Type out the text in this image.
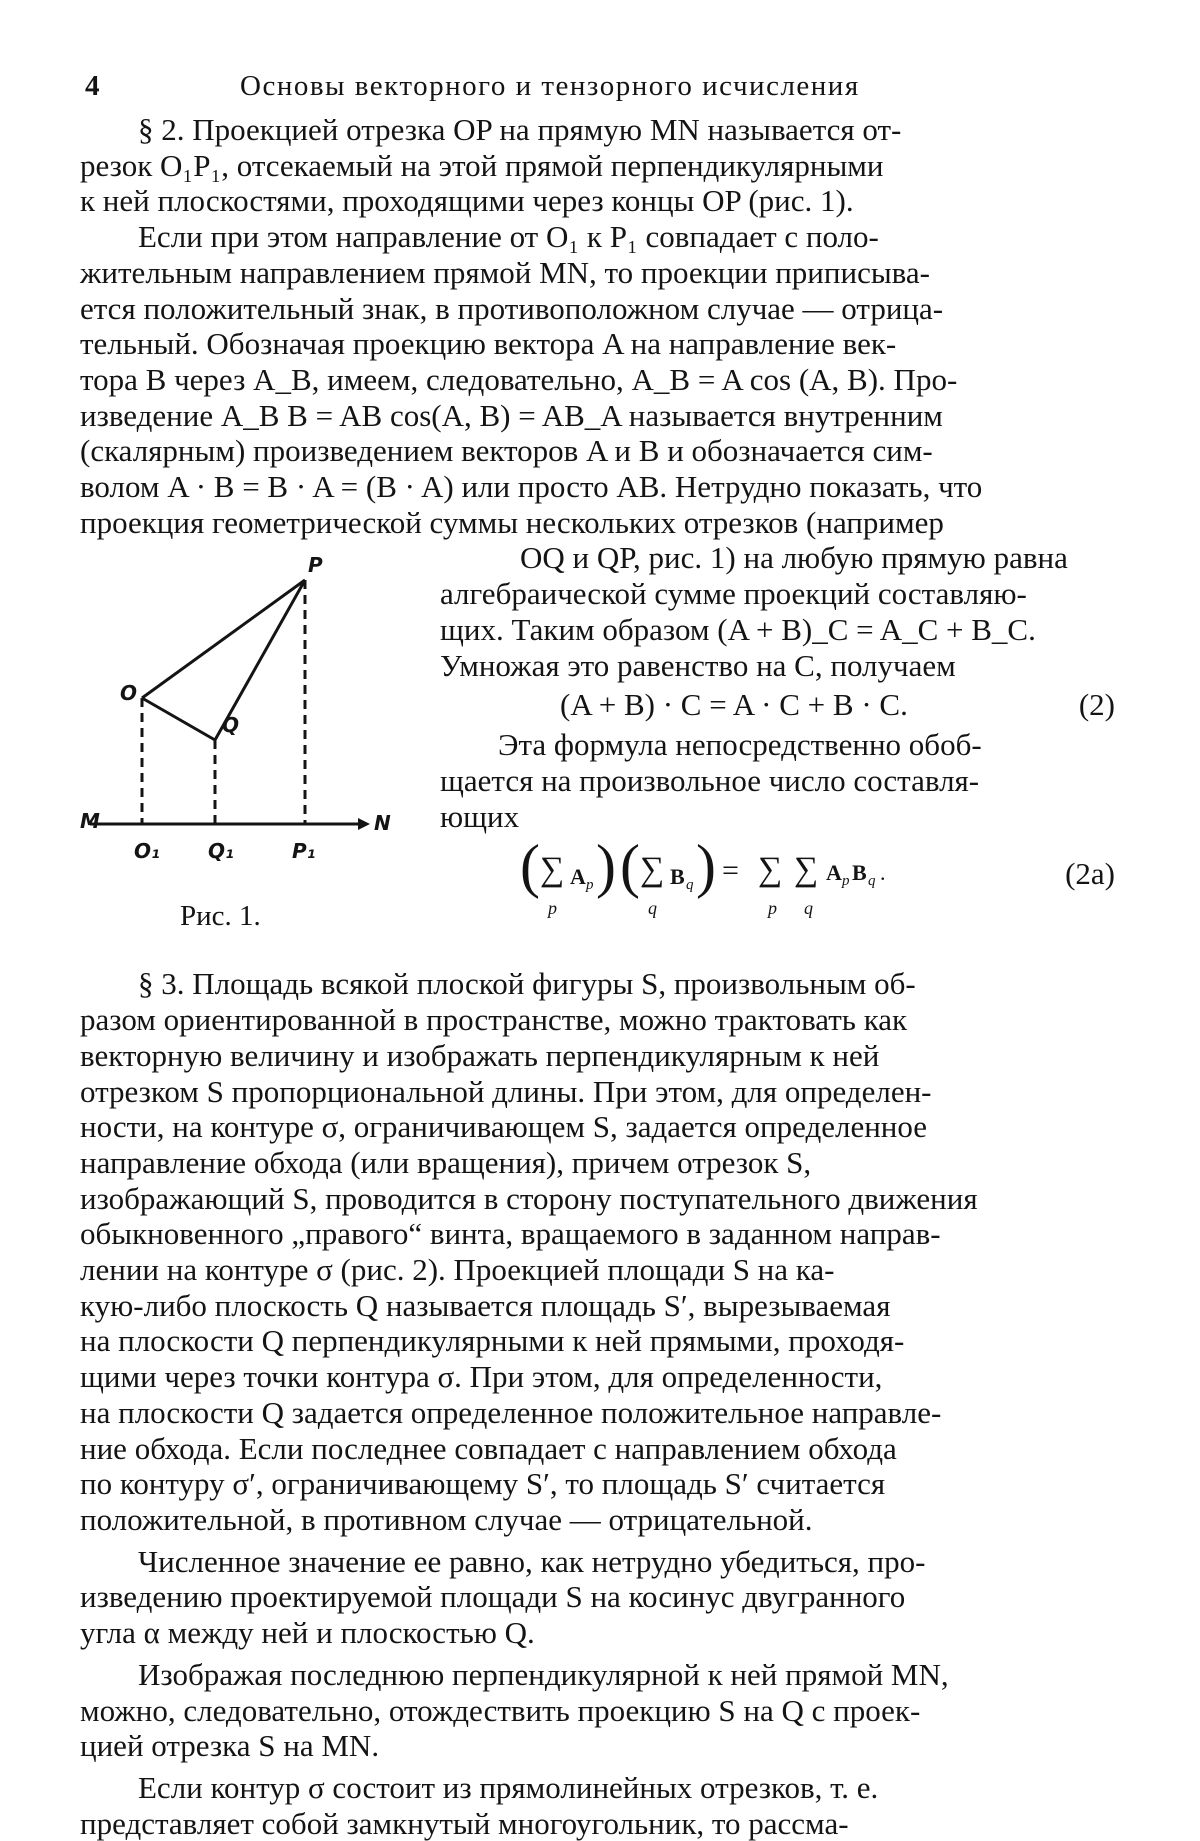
4	Основы векторного и тензорного исчисления

§ 2. Проекцией отрезка OP на прямую MN называется от-

резок O₁P₁, отсекаемый на этой прямой перпендикулярными

к ней плоскостями, проходящими через концы OP (рис. 1).

Если при этом направление от O₁ к P₁ совпадает с поло-

жительным направлением прямой MN, то проекции приписыва-

ется положительный знак, в противоположном случае — отрица-

тельный. Обозначая проекцию вектора A на направление век-

тора B через A_B, имеем, следовательно, A_B = A cos (A, B). Про-

изведение A_B B = AB cos(A, B) = AB_A называется внутренним

(скалярным) произведением векторов A и B и обозначается сим-

волом A · B = B · A = (B · A) или просто AB. Нетрудно показать, что

проекция геометрической суммы нескольких отрезков (например

P
O
Q
M	N
O₁ Q₁	P₁
Рис. 1.

OQ и QP, рис. 1) на любую прямую равна

алгебраической сумме проекций составляю-

щих. Таким образом (A + B)_C = A_C + B_C.

Умножая это равенство на C, получаем

(A + B) · C = A · C + B · C.	(2)

Эта формула непосредственно обоб-

щается на произвольное число составля-

ющих

( ∑ A p
p
) ( ∑ B q
q
) = ∑
p
∑
q
A p B q .	(2a)

§ 3. Площадь всякой плоской фигуры S, произвольным об-

разом ориентированной в пространстве, можно трактовать как

векторную величину и изображать перпендикулярным к ней

отрезком S пропорциональной длины. При этом, для определен-

ности, на контуре σ, ограничивающем S, задается определенное

направление обхода (или вращения), причем отрезок S,

изображающий S, проводится в сторону поступательного движения

обыкновенного „правого“ винта, вращаемого в заданном направ-

лении на контуре σ (рис. 2). Проекцией площади S на ка-

кую-либо плоскость Q называется площадь S′, вырезываемая

на плоскости Q перпендикулярными к ней прямыми, проходя-

щими через точки контура σ. При этом, для определенности,

на плоскости Q задается определенное положительное направле-

ние обхода. Если последнее совпадает с направлением обхода

по контуру σ′, ограничивающему S′, то площадь S′ считается

положительной, в противном случае — отрицательной.

Численное значение ее равно, как нетрудно убедиться, про-

изведению проектируемой площади S на косинус двугранного

угла α между ней и плоскостью Q.

Изображая последнюю перпендикулярной к ней прямой MN,

можно, следовательно, отождествить проекцию S на Q с проек-

цией отрезка S на MN.

Если контур σ состоит из прямолинейных отрезков, т. е.

представляет собой замкнутый многоугольник, то рассма-
